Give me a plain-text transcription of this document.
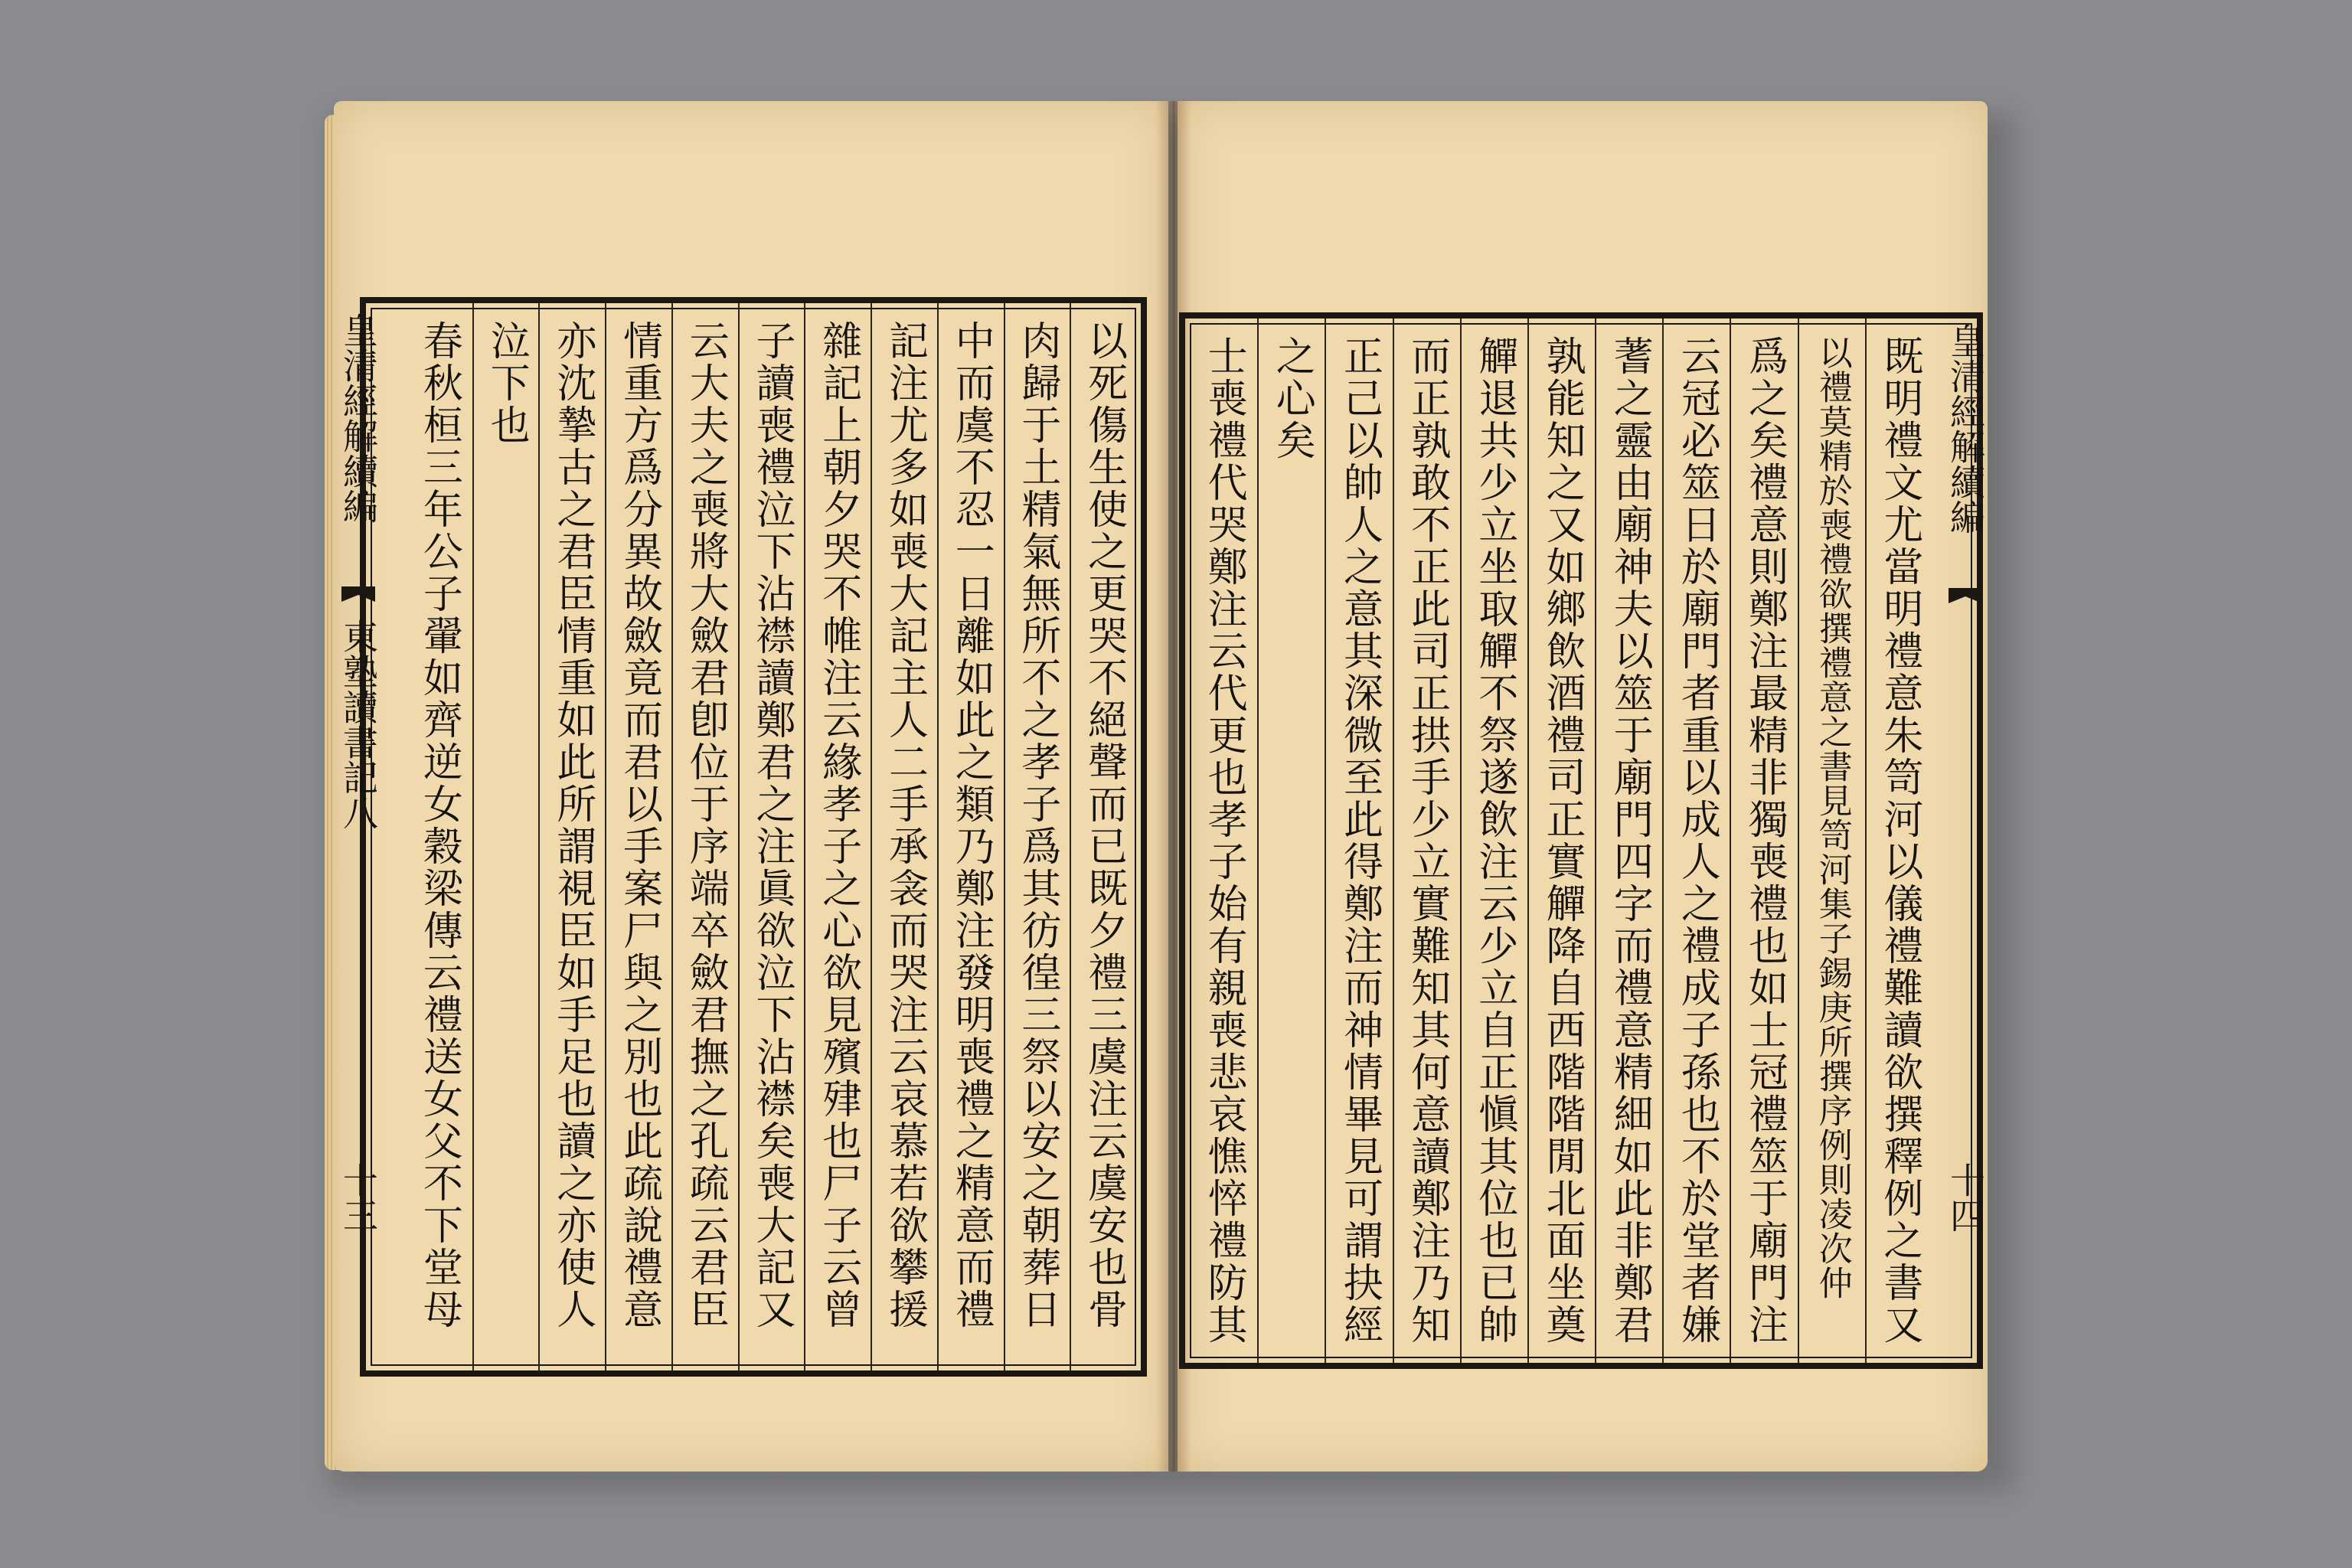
以死傷生使之更哭不絕聲而已既夕禮三虞注云虞安也骨
肉歸于土精氣無所不之孝子爲其彷徨三祭以安之朝葬日
中而虞不忍一日離如此之類乃鄭注發明喪禮之精意而禮
記注尤多如喪大記主人二手承衾而哭注云哀慕若欲攀援
雜記上朝夕哭不帷注云緣孝子之心欲見殯肂也尸子云曾
子讀喪禮泣下沾襟讀鄭君之注眞欲泣下沾襟矣喪大記又
云大夫之喪將大斂君卽位于序端卒斂君撫之孔疏云君臣
情重方爲分異故斂竟而君以手案尸與之別也此疏說禮意
亦沈摯古之君臣情重如此所謂視臣如手足也讀之亦使人
泣下也
春秋桓三年公子翬如齊逆女穀梁傳云禮送女父不下堂母
皇清經解續編
東塾讀書記八
十三	既明禮文尤當明禮意朱笥河以儀禮難讀欲撰釋例之書又
以禮莫精於喪禮欲撰禮意之書見笥河集子錫庚所撰序例則凌次仲
爲之矣禮意則鄭注最精非獨喪禮也如士冠禮筮于廟門注
云冠必筮日於廟門者重以成人之禮成子孫也不於堂者嫌
蓍之靈由廟神夫以筮于廟門四字而禮意精細如此非鄭君
孰能知之又如鄉飲酒禮司正實觶降自西階階閒北面坐奠
觶退共少立坐取觶不祭遂飲注云少立自正愼其位也已帥
而正孰敢不正此司正拱手少立實難知其何意讀鄭注乃知
正己以帥人之意其深微至此得鄭注而神情畢見可謂抉經
之心矣
士喪禮代哭鄭注云代更也孝子始有親喪悲哀憔悴禮防其	皇清經解續編
十四
